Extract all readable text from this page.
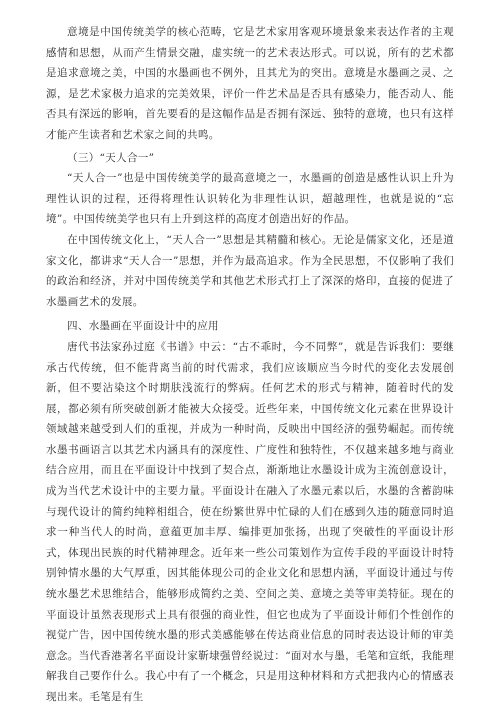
意境是中国传统美学的核心范畴，它是艺术家用客观环境景象来表达作者的主观感情和思想，从而产生情景交融，虚实统一的艺术表达形式。可以说，所有的艺术都是追求意境之美，中国的水墨画也不例外，且其尤为的突出。意境是水墨画之灵、之源，是艺术家极力追求的完美效果，评价一件艺术品是否具有感染力，能否动人、能否具有深远的影响，首先要看的是这幅作品是否拥有深远、独特的意境，也只有这样才能产生读者和艺术家之间的共鸣。

（三）“天人合一”

“天人合一”也是中国传统美学的最高意境之一，水墨画的创造是感性认识上升为理性认识的过程，还得将理性认识转化为非理性认识，超越理性，也就是说的“忘境”。中国传统美学也只有上升到这样的高度才创造出好的作品。

在中国传统文化上，“天人合一”思想是其精髓和核心。无论是儒家文化，还是道家文化，都讲求“天人合一”思想，并作为最高追求。作为全民思想，不仅影响了我们的政治和经济，并对中国传统美学和其他艺术形式打上了深深的烙印，直接的促进了水墨画艺术的发展。

四、水墨画在平面设计中的应用

唐代书法家孙过庭《书谱》中云：“古不乖时，今不同弊”，就是告诉我们：要继承古代传统，但不能背离当前的时代需求，我们应该顺应当今时代的变化去发展创新，但不要沾染这个时期肤浅流行的弊病。任何艺术的形式与精神，随着时代的发展，都必须有所突破创新才能被大众接受。近些年来，中国传统文化元素在世界设计领域越来越受到人们的重视，并成为一种时尚，反映出中国经济的强势崛起。而传统水墨书画语言以其艺术内涵具有的深度性、广度性和独特性，不仅越来越多地与商业结合应用，而且在平面设计中找到了契合点，渐渐地让水墨设计成为主流创意设计，成为当代艺术设计中的主要力量。平面设计在融入了水墨元素以后，水墨的含蓄韵味与现代设计的简约纯粹相组合，使在纷繁世界中忙碌的人们在感到久违的随意同时追求一种当代人的时尚，意蕴更加丰厚、编排更加张扬，出现了突破性的平面设计形式，体现出民族的时代精神理念。近年来一些公司策划作为宣传手段的平面设计时特别钟情水墨的大气厚重，因其能体现公司的企业文化和思想内涵，平面设计通过与传统水墨艺术思维结合，能够形成简约之美、空间之美、意境之美等审美特征。现在的平面设计虽然表现形式上具有很强的商业性，但它也成为了平面设计师们个性创作的视觉广告，因中国传统水墨的形式美感能够在传达商业信息的同时表达设计师的审美意念。当代香港著名平面设计家靳埭强曾经说过：“面对水与墨，毛笔和宣纸，我能理解我自己要作什么。我心中有了一个概念，只是用这种材料和方式把我内心的情感表现出来。毛笔是有生
